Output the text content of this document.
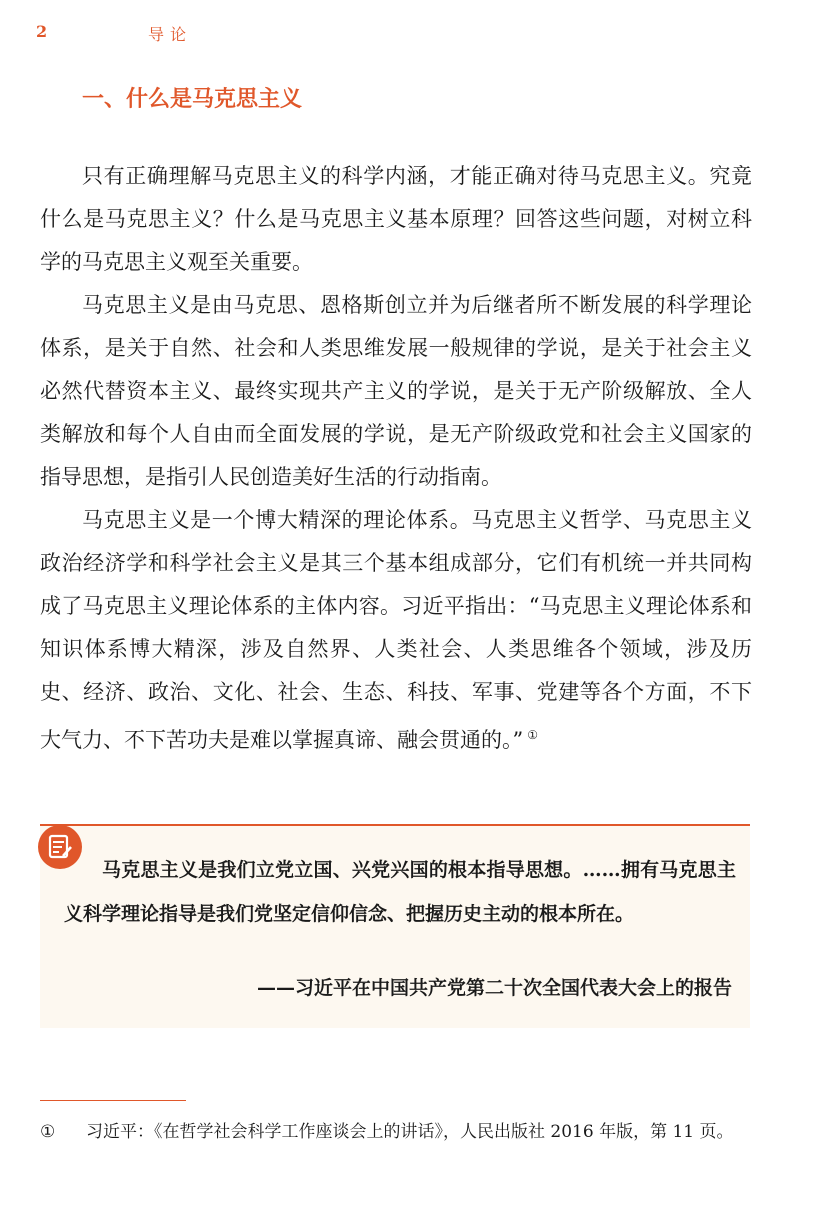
2	导论
一、什么是马克思主义

只有正确理解马克思主义的科学内涵，才能正确对待马克思主义。究竟什么是马克思主义？什么是马克思主义基本原理？回答这些问题，对树立科学的马克思主义观至关重要。

马克思主义是由马克思、恩格斯创立并为后继者所不断发展的科学理论体系，是关于自然、社会和人类思维发展一般规律的学说，是关于社会主义必然代替资本主义、最终实现共产主义的学说，是关于无产阶级解放、全人类解放和每个人自由而全面发展的学说，是无产阶级政党和社会主义国家的指导思想，是指引人民创造美好生活的行动指南。

马克思主义是一个博大精深的理论体系。马克思主义哲学、马克思主义政治经济学和科学社会主义是其三个基本组成部分，它们有机统一并共同构成了马克思主义理论体系的主体内容。习近平指出：“马克思主义理论体系和知识体系博大精深，涉及自然界、人类社会、人类思维各个领域，涉及历史、经济、政治、文化、社会、生态、科技、军事、党建等各个方面，不下大气力、不下苦功夫是难以掌握真谛、融会贯通的。” ①

马克思主义是我们立党立国、兴党兴国的根本指导思想。……拥有马克思主义科学理论指导是我们党坚定信仰信念、把握历史主动的根本所在。

——习近平在中国共产党第二十次全国代表大会上的报告
① 习近平：《在哲学社会科学工作座谈会上的讲话》，人民出版社 2016 年版，第 11 页。
